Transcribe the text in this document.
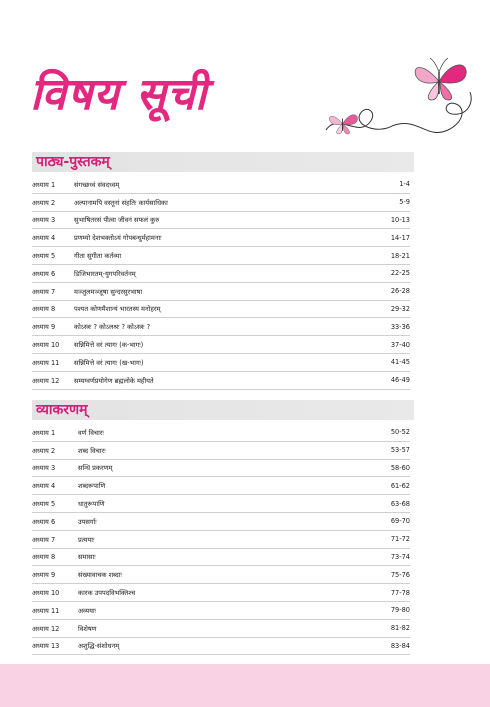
विषय सूची
पाठ्य-पुस्तकम्
अध्याय 1	संगच्छध्वं संवदध्वम्	1-4
अध्याय 2	अल्पानामपि वस्तूनां संहतिः कार्यसाधिका	5-9
अध्याय 3	सुभाषितरसं पीत्वा जीवनं सफलं कुरु	10-13
अध्याय 4	प्रणम्यो देशभक्तोऽयं गोपबन्धुर्महामनाः	14-17
अध्याय 5	गीता सुगीता कर्तव्या	18-21
अध्याय 6	डिजिभारतम्-युगपरिवर्तनम्	22-25
अध्याय 7	मञ्जुलमञ्जूषा सुन्दरसुरभाषा	26-28
अध्याय 8	पश्यत कोणमैशान्यं भारतस्य मनोहरम्	29-32
अध्याय 9	कोऽस्त्रः ? कोऽलश्रः ? कोऽस्त्रः ?	33-36
अध्याय 10	सन्निमित्ते वरं त्यागः (क-भागः)	37-40
अध्याय 11	सन्निमित्ते वरं त्यागः (ख-भागः)	41-45
अध्याय 12	सम्यग्वर्णप्रयोगेण ब्रह्मलोके महीयते	46-49
व्याकरणम्
अध्याय 1	वर्ण विचारः	50-52
अध्याय 2	शब्द विचारः	53-57
अध्याय 3	सन्धि प्रकरणम्	58-60
अध्याय 4	शब्दरूपाणि	61-62
अध्याय 5	धातुरूपाणि	63-68
अध्याय 6	उपसर्गाः	69-70
अध्याय 7	प्रत्ययाः	71-72
अध्याय 8	समासाः	73-74
अध्याय 9	संख्यावाचक शब्दाः	75-76
अध्याय 10	कारक उपपदविभक्तिश्च	77-78
अध्याय 11	अव्ययाः	79-80
अध्याय 12	विशेषण	81-82
अध्याय 13	अशुद्धि-संशोधनम्	83-84
